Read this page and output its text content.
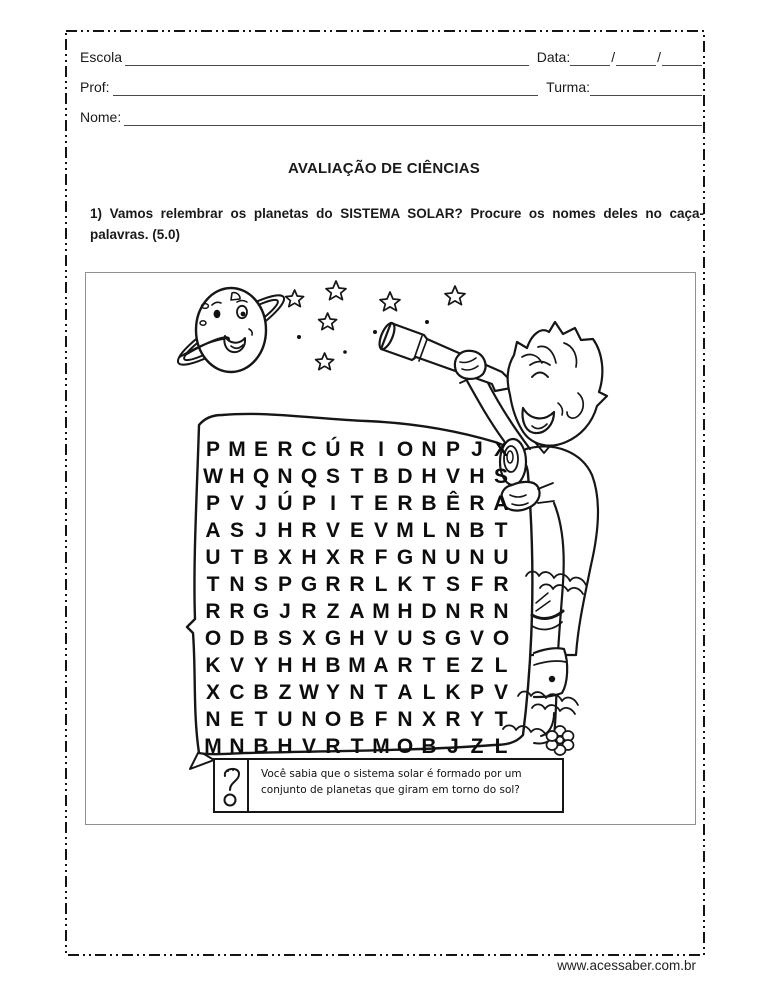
Escola	Data:	/	/
Prof:	Turma:
Nome:
AVALIAÇÃO DE CIÊNCIAS
1) Vamos relembrar os planetas do SISTEMA SOLAR? Procure os nomes deles no caça-palavras. (5.0)
P M E R C Ú R I O N P J X
W H Q N Q S T B D H V H S
P V J Ú P I T E R B Ê R A
A S J H R V E V M L N B T
U T B X H X R F G N U N U
T N S P G R R L K T S F R
R R G J R Z A M H D N R N
O D B S X G H V U S G V O
K V Y H H B M A R T E Z L
X C B Z W Y N T A L K P V
N E T U N O B F N X R Y T
M N B H V R T M O B J Z L
Você sabia que o sistema solar é formado por um conjunto de planetas que giram em torno do sol?
www.acessaber.com.br
